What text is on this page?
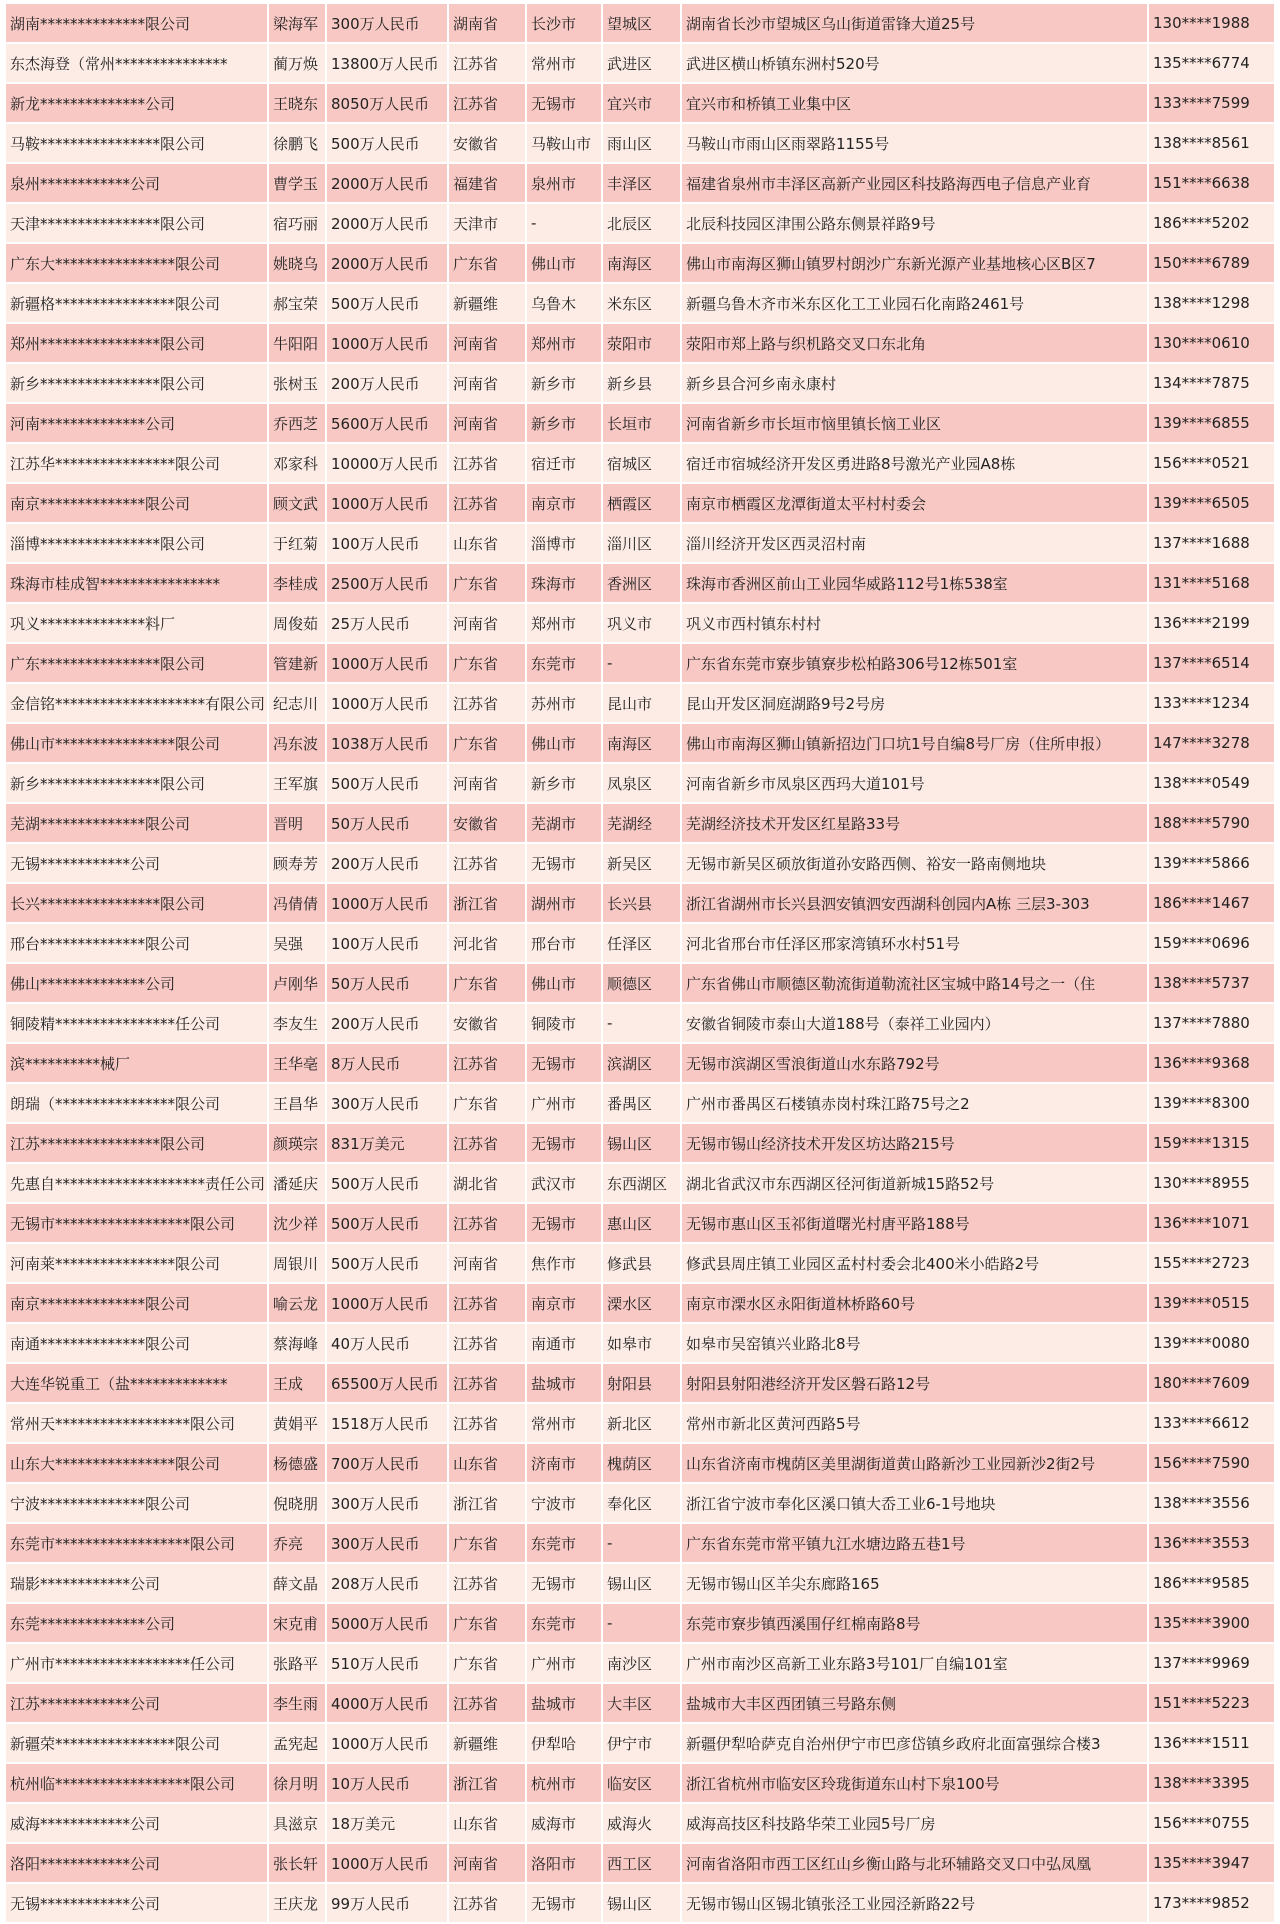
湖南**************限公司	梁海军	300万人民币	湖南省	长沙市	望城区	湖南省长沙市望城区乌山街道雷锋大道25号	130****1988
东杰海登（常州***************	蔺万焕	13800万人民币	江苏省	常州市	武进区	武进区横山桥镇东洲村520号	135****6774
新龙**************公司	王晓东	8050万人民币	江苏省	无锡市	宜兴市	宜兴市和桥镇工业集中区	133****7599
马鞍****************限公司	徐鹏飞	500万人民币	安徽省	马鞍山市	雨山区	马鞍山市雨山区雨翠路1155号	138****8561
泉州************公司	曹学玉	2000万人民币	福建省	泉州市	丰泽区	福建省泉州市丰泽区高新产业园区科技路海西电子信息产业育	151****6638
天津****************限公司	宿巧丽	2000万人民币	天津市	-	北辰区	北辰科技园区津围公路东侧景祥路9号	186****5202
广东大****************限公司	姚晓乌	2000万人民币	广东省	佛山市	南海区	佛山市南海区狮山镇罗村朗沙广东新光源产业基地核心区B区7	150****6789
新疆格****************限公司	郝宝荣	500万人民币	新疆维	乌鲁木	米东区	新疆乌鲁木齐市米东区化工工业园石化南路2461号	138****1298
郑州****************限公司	牛阳阳	1000万人民币	河南省	郑州市	荥阳市	荥阳市郑上路与织机路交叉口东北角	130****0610
新乡****************限公司	张树玉	200万人民币	河南省	新乡市	新乡县	新乡县合河乡南永康村	134****7875
河南**************公司	乔西芝	5600万人民币	河南省	新乡市	长垣市	河南省新乡市长垣市恼里镇长恼工业区	139****6855
江苏华****************限公司	邓家科	10000万人民币	江苏省	宿迁市	宿城区	宿迁市宿城经济开发区勇进路8号激光产业园A8栋	156****0521
南京**************限公司	顾文武	1000万人民币	江苏省	南京市	栖霞区	南京市栖霞区龙潭街道太平村村委会	139****6505
淄博****************限公司	于红菊	100万人民币	山东省	淄博市	淄川区	淄川经济开发区西灵沼村南	137****1688
珠海市桂成智****************	李桂成	2500万人民币	广东省	珠海市	香洲区	珠海市香洲区前山工业园华威路112号1栋538室	131****5168
巩义**************料厂	周俊茹	25万人民币	河南省	郑州市	巩义市	巩义市西村镇东村村	136****2199
广东****************限公司	管建新	1000万人民币	广东省	东莞市	-	广东省东莞市寮步镇寮步松柏路306号12栋501室	137****6514
金信铭********************有限公司	纪志川	1000万人民币	江苏省	苏州市	昆山市	昆山开发区洞庭湖路9号2号房	133****1234
佛山市****************限公司	冯东波	1038万人民币	广东省	佛山市	南海区	佛山市南海区狮山镇新招边门口坑1号自编8号厂房（住所申报）	147****3278
新乡****************限公司	王军旗	500万人民币	河南省	新乡市	凤泉区	河南省新乡市凤泉区西玛大道101号	138****0549
芜湖**************限公司	晋明	50万人民币	安徽省	芜湖市	芜湖经	芜湖经济技术开发区红星路33号	188****5790
无锡************公司	顾寿芳	200万人民币	江苏省	无锡市	新吴区	无锡市新吴区硕放街道孙安路西侧、裕安一路南侧地块	139****5866
长兴****************限公司	冯倩倩	1000万人民币	浙江省	湖州市	长兴县	浙江省湖州市长兴县泗安镇泗安西湖科创园内A栋 三层3-303	186****1467
邢台**************限公司	吴强	100万人民币	河北省	邢台市	任泽区	河北省邢台市任泽区邢家湾镇环水村51号	159****0696
佛山**************公司	卢刚华	50万人民币	广东省	佛山市	顺德区	广东省佛山市顺德区勒流街道勒流社区宝城中路14号之一（住	138****5737
铜陵精****************任公司	李友生	200万人民币	安徽省	铜陵市	-	安徽省铜陵市泰山大道188号（泰祥工业园内）	137****7880
滨**********械厂	王华亳	8万人民币	江苏省	无锡市	滨湖区	无锡市滨湖区雪浪街道山水东路792号	136****9368
朗瑞（****************限公司	王昌华	300万人民币	广东省	广州市	番禺区	广州市番禺区石楼镇赤岗村珠江路75号之2	139****8300
江苏****************限公司	颜瑛宗	831万美元	江苏省	无锡市	锡山区	无锡市锡山经济技术开发区坊达路215号	159****1315
先惠自********************责任公司	潘延庆	500万人民币	湖北省	武汉市	东西湖区	湖北省武汉市东西湖区径河街道新城15路52号	130****8955
无锡市******************限公司	沈少祥	500万人民币	江苏省	无锡市	惠山区	无锡市惠山区玉祁街道曙光村唐平路188号	136****1071
河南莱****************限公司	周银川	500万人民币	河南省	焦作市	修武县	修武县周庄镇工业园区孟村村委会北400米小皓路2号	155****2723
南京**************限公司	喻云龙	1000万人民币	江苏省	南京市	溧水区	南京市溧水区永阳街道林桥路60号	139****0515
南通**************限公司	蔡海峰	40万人民币	江苏省	南通市	如皋市	如皋市吴窑镇兴业路北8号	139****0080
大连华锐重工（盐*************	王成	65500万人民币	江苏省	盐城市	射阳县	射阳县射阳港经济开发区磐石路12号	180****7609
常州天******************限公司	黄娟平	1518万人民币	江苏省	常州市	新北区	常州市新北区黄河西路5号	133****6612
山东大****************限公司	杨德盛	700万人民币	山东省	济南市	槐荫区	山东省济南市槐荫区美里湖街道黄山路新沙工业园新沙2街2号	156****7590
宁波**************限公司	倪晓朋	300万人民币	浙江省	宁波市	奉化区	浙江省宁波市奉化区溪口镇大岙工业6-1号地块	138****3556
东莞市******************限公司	乔亮	300万人民币	广东省	东莞市	-	广东省东莞市常平镇九江水塘边路五巷1号	136****3553
瑞影************公司	薛文晶	208万人民币	江苏省	无锡市	锡山区	无锡市锡山区羊尖东廊路165	186****9585
东莞**************公司	宋克甫	5000万人民币	广东省	东莞市	-	东莞市寮步镇西溪围仔红棉南路8号	135****3900
广州市******************任公司	张路平	510万人民币	广东省	广州市	南沙区	广州市南沙区高新工业东路3号101厂自编101室	137****9969
江苏************公司	李生雨	4000万人民币	江苏省	盐城市	大丰区	盐城市大丰区西团镇三号路东侧	151****5223
新疆荣****************限公司	孟宪起	1000万人民币	新疆维	伊犁哈	伊宁市	新疆伊犁哈萨克自治州伊宁市巴彦岱镇乡政府北面富强综合楼3	136****1511
杭州临******************限公司	徐月明	10万人民币	浙江省	杭州市	临安区	浙江省杭州市临安区玲珑街道东山村下泉100号	138****3395
威海************公司	具滋京	18万美元	山东省	威海市	威海火	威海高技区科技路华荣工业园5号厂房	156****0755
洛阳************公司	张长轩	1000万人民币	河南省	洛阳市	西工区	河南省洛阳市西工区红山乡衡山路与北环辅路交叉口中弘凤凰	135****3947
无锡************公司	王庆龙	99万人民币	江苏省	无锡市	锡山区	无锡市锡山区锡北镇张泾工业园泾新路22号	173****9852
